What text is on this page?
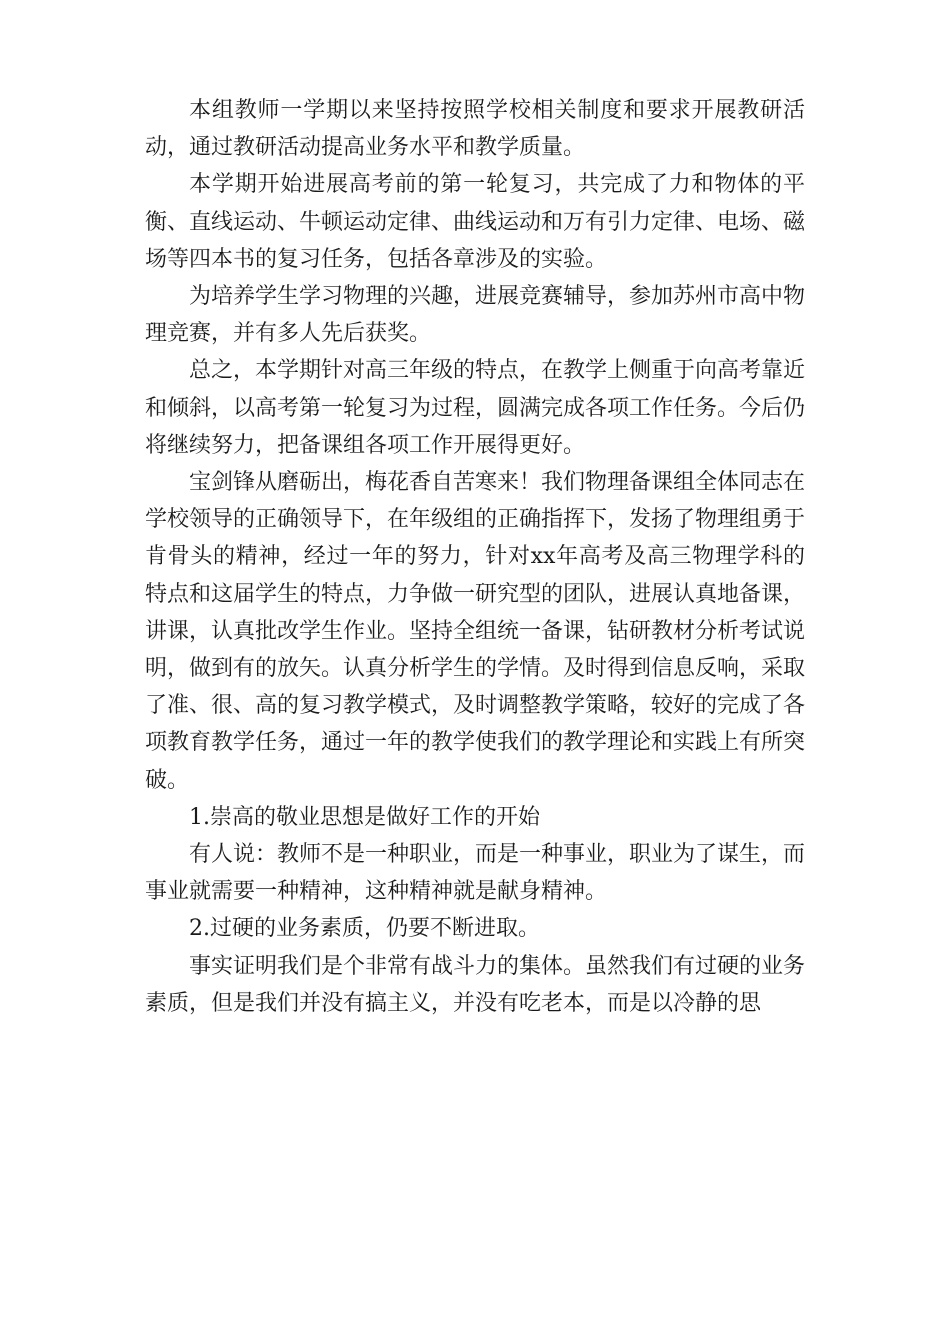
本组教师一学期以来坚持按照学校相关制度和要求开展教研活动，通过教研活动提高业务水平和教学质量。

本学期开始进展高考前的第一轮复习，共完成了力和物体的平衡、直线运动、牛顿运动定律、曲线运动和万有引力定律、电场、磁场等四本书的复习任务，包括各章涉及的实验。

为培养学生学习物理的兴趣，进展竞赛辅导，参加苏州市高中物理竞赛，并有多人先后获奖。

总之，本学期针对高三年级的特点，在教学上侧重于向高考靠近和倾斜，以高考第一轮复习为过程，圆满完成各项工作任务。今后仍将继续努力，把备课组各项工作开展得更好。

宝剑锋从磨砺出，梅花香自苦寒来！我们物理备课组全体同志在学校领导的正确领导下，在年级组的正确指挥下，发扬了物理组勇于肯骨头的精神，经过一年的努力，针对xx年高考及高三物理学科的特点和这届学生的特点，力争做一研究型的团队，进展认真地备课，讲课，认真批改学生作业。坚持全组统一备课，钻研教材分析考试说明，做到有的放矢。认真分析学生的学情。及时得到信息反响，采取了准、很、高的复习教学模式，及时调整教学策略，较好的完成了各项教育教学任务，通过一年的教学使我们的教学理论和实践上有所突破。

1.崇高的敬业思想是做好工作的开始

有人说：教师不是一种职业，而是一种事业，职业为了谋生，而事业就需要一种精神，这种精神就是献身精神。

2.过硬的业务素质，仍要不断进取。

事实证明我们是个非常有战斗力的集体。虽然我们有过硬的业务素质，但是我们并没有搞主义，并没有吃老本，而是以冷静的思
